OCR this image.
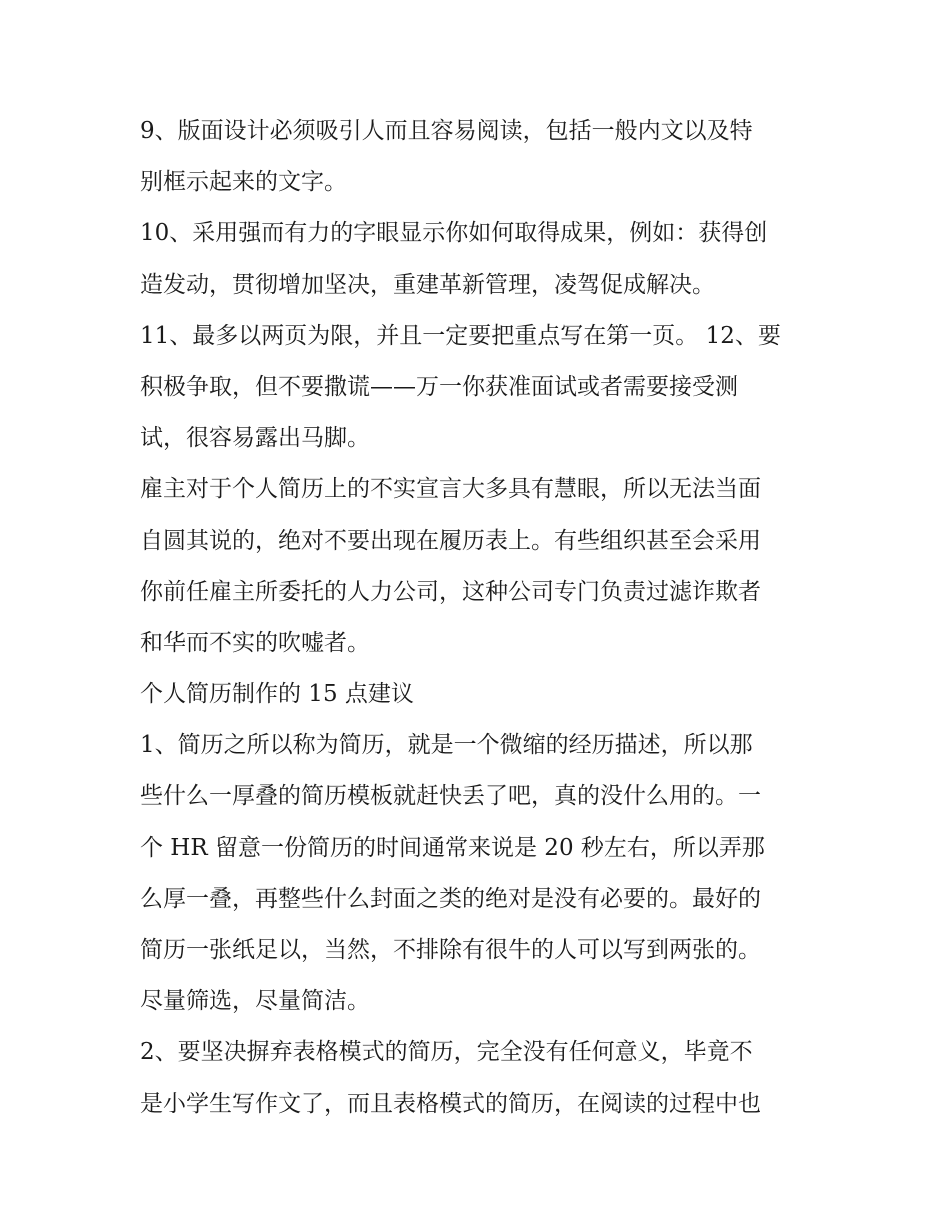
9、版面设计必须吸引人而且容易阅读，包括一般内文以及特
别框示起来的文字。
10、采用强而有力的字眼显示你如何取得成果，例如：获得创
造发动，贯彻增加坚决，重建革新管理，凌驾促成解决。
11、最多以两页为限，并且一定要把重点写在第一页。 12、要
积极争取，但不要撒谎——万一你获准面试或者需要接受测
试，很容易露出马脚。
雇主对于个人简历上的不实宣言大多具有慧眼，所以无法当面
自圆其说的，绝对不要出现在履历表上。有些组织甚至会采用
你前任雇主所委托的人力公司，这种公司专门负责过滤诈欺者
和华而不实的吹嘘者。
个人简历制作的 15 点建议
1、简历之所以称为简历，就是一个微缩的经历描述，所以那
些什么一厚叠的简历模板就赶快丢了吧，真的没什么用的。一
个 HR 留意一份简历的时间通常来说是 20 秒左右，所以弄那
么厚一叠，再整些什么封面之类的绝对是没有必要的。最好的
简历一张纸足以，当然，不排除有很牛的人可以写到两张的。
尽量筛选，尽量简洁。
2、要坚决摒弃表格模式的简历，完全没有任何意义，毕竟不
是小学生写作文了，而且表格模式的简历，在阅读的过程中也
